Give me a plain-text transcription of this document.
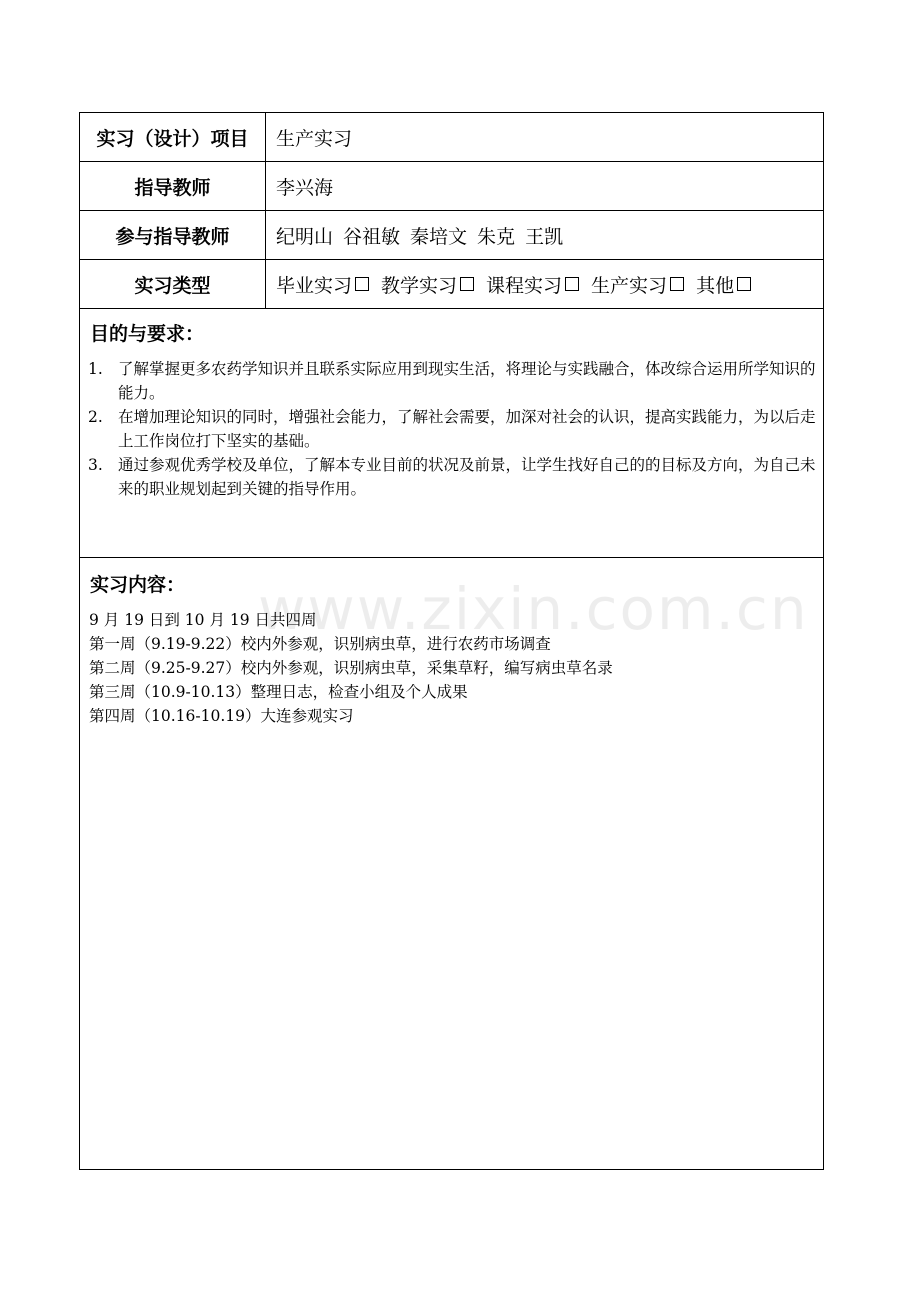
实习（设计）项目	生产实习
指导教师	李兴海
参与指导教师	纪明山 谷祖敏 秦培文 朱克 王凯
实习类型	毕业实习 教学实习 课程实习 生产实习 其他
目的与要求：
1. 了解掌握更多农药学知识并且联系实际应用到现实生活，将理论与实践融合，体改综合运用所学知识的能力。
2. 在增加理论知识的同时，增强社会能力，了解社会需要，加深对社会的认识，提高实践能力，为以后走上工作岗位打下坚实的基础。
3. 通过参观优秀学校及单位，了解本专业目前的状况及前景，让学生找好自己的的目标及方向，为自己未来的职业规划起到关键的指导作用。
实习内容：
9 月 19 日到 10 月 19 日共四周
第一周（9.19-9.22）校内外参观，识别病虫草，进行农药市场调查
第二周（9.25-9.27）校内外参观，识别病虫草，采集草籽，编写病虫草名录
第三周（10.9-10.13）整理日志，检查小组及个人成果
第四周（10.16-10.19）大连参观实习
www.zixin.com.cn
